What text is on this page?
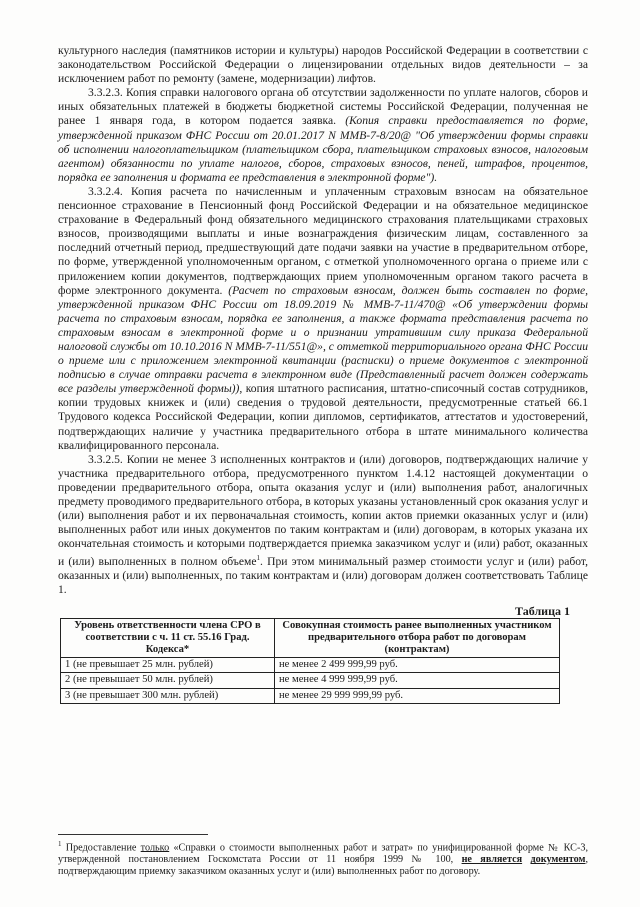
культурного наследия (памятников истории и культуры) народов Российской Федерации в соответствии с законодательством Российской Федерации о лицензировании отдельных видов деятельности – за исключением работ по ремонту (замене, модернизации) лифтов.

3.3.2.3. Копия справки налогового органа об отсутствии задолженности по уплате налогов, сборов и иных обязательных платежей в бюджеты бюджетной системы Российской Федерации, полученная не ранее 1 января года, в котором подается заявка. (Копия справки предоставляется по форме, утвержденной приказом ФНС России от 20.01.2017 N ММВ-7-8/20@ "Об утверждении формы справки об исполнении налогоплательщиком (плательщиком сбора, плательщиком страховых взносов, налоговым агентом) обязанности по уплате налогов, сборов, страховых взносов, пеней, штрафов, процентов, порядка ее заполнения и формата ее представления в электронной форме").

3.3.2.4. Копия расчета по начисленным и уплаченным страховым взносам на обязательное пенсионное страхование в Пенсионный фонд Российской Федерации и на обязательное медицинское страхование в Федеральный фонд обязательного медицинского страхования плательщиками страховых взносов, производящими выплаты и иные вознаграждения физическим лицам, составленного за последний отчетный период, предшествующий дате подачи заявки на участие в предварительном отборе, по форме, утвержденной уполномоченным органом, с отметкой уполномоченного органа о приеме или с приложением копии документов, подтверждающих прием уполномоченным органом такого расчета в форме электронного документа. (Расчет по страховым взносам, должен быть составлен по форме, утвержденной приказом ФНС России от 18.09.2019 № ММВ-7-11/470@ «Об утверждении формы расчета по страховым взносам, порядка ее заполнения, а также формата представления расчета по страховым взносам в электронной форме и о признании утратившим силу приказа Федеральной налоговой службы от 10.10.2016 N ММВ-7-11/551@», с отметкой территориального органа ФНС России о приеме или с приложением электронной квитанции (расписки) о приеме документов с электронной подписью в случае отправки расчета в электронном виде (Представленный расчет должен содержать все разделы утвержденной формы)), копия штатного расписания, штатно-списочный состав сотрудников, копии трудовых книжек и (или) сведения о трудовой деятельности, предусмотренные статьей 66.1 Трудового кодекса Российской Федерации, копии дипломов, сертификатов, аттестатов и удостоверений, подтверждающих наличие у участника предварительного отбора в штате минимального количества квалифицированного персонала.

3.3.2.5. Копии не менее 3 исполненных контрактов и (или) договоров, подтверждающих наличие у участника предварительного отбора, предусмотренного пунктом 1.4.12 настоящей документации о проведении предварительного отбора, опыта оказания услуг и (или) выполнения работ, аналогичных предмету проводимого предварительного отбора, в которых указаны установленный срок оказания услуг и (или) выполнения работ и их первоначальная стоимость, копии актов приемки оказанных услуг и (или) выполненных работ или иных документов по таким контрактам и (или) договорам, в которых указана их окончательная стоимость и которыми подтверждается приемка заказчиком услуг и (или) работ, оказанных и (или) выполненных в полном объеме$^1$. При этом минимальный размер стоимости услуг и (или) работ, оказанных и (или) выполненных, по таким контрактам и (или) договорам должен соответствовать Таблице 1.

Таблица 1
Уровень ответственности члена СРО в соответствии с ч. 11 ст. 55.16 Град. Кодекса*	Совокупная стоимость ранее выполненных участником предварительного отбора работ по договорам (контрактам)
1 (не превышает 25 млн. рублей)	не менее 2 499 999,99 руб.
2 (не превышает 50 млн. рублей)	не менее 4 999 999,99 руб.
3 (не превышает 300 млн. рублей)	не менее 29 999 999,99 руб.
$^1$ Предоставление только «Справки о стоимости выполненных работ и затрат» по унифицированной форме № КС-3, утвержденной постановлением Госкомстата России от 11 ноября 1999 № 100, не является документом, подтверждающим приемку заказчиком оказанных услуг и (или) выполненных работ по договору.
